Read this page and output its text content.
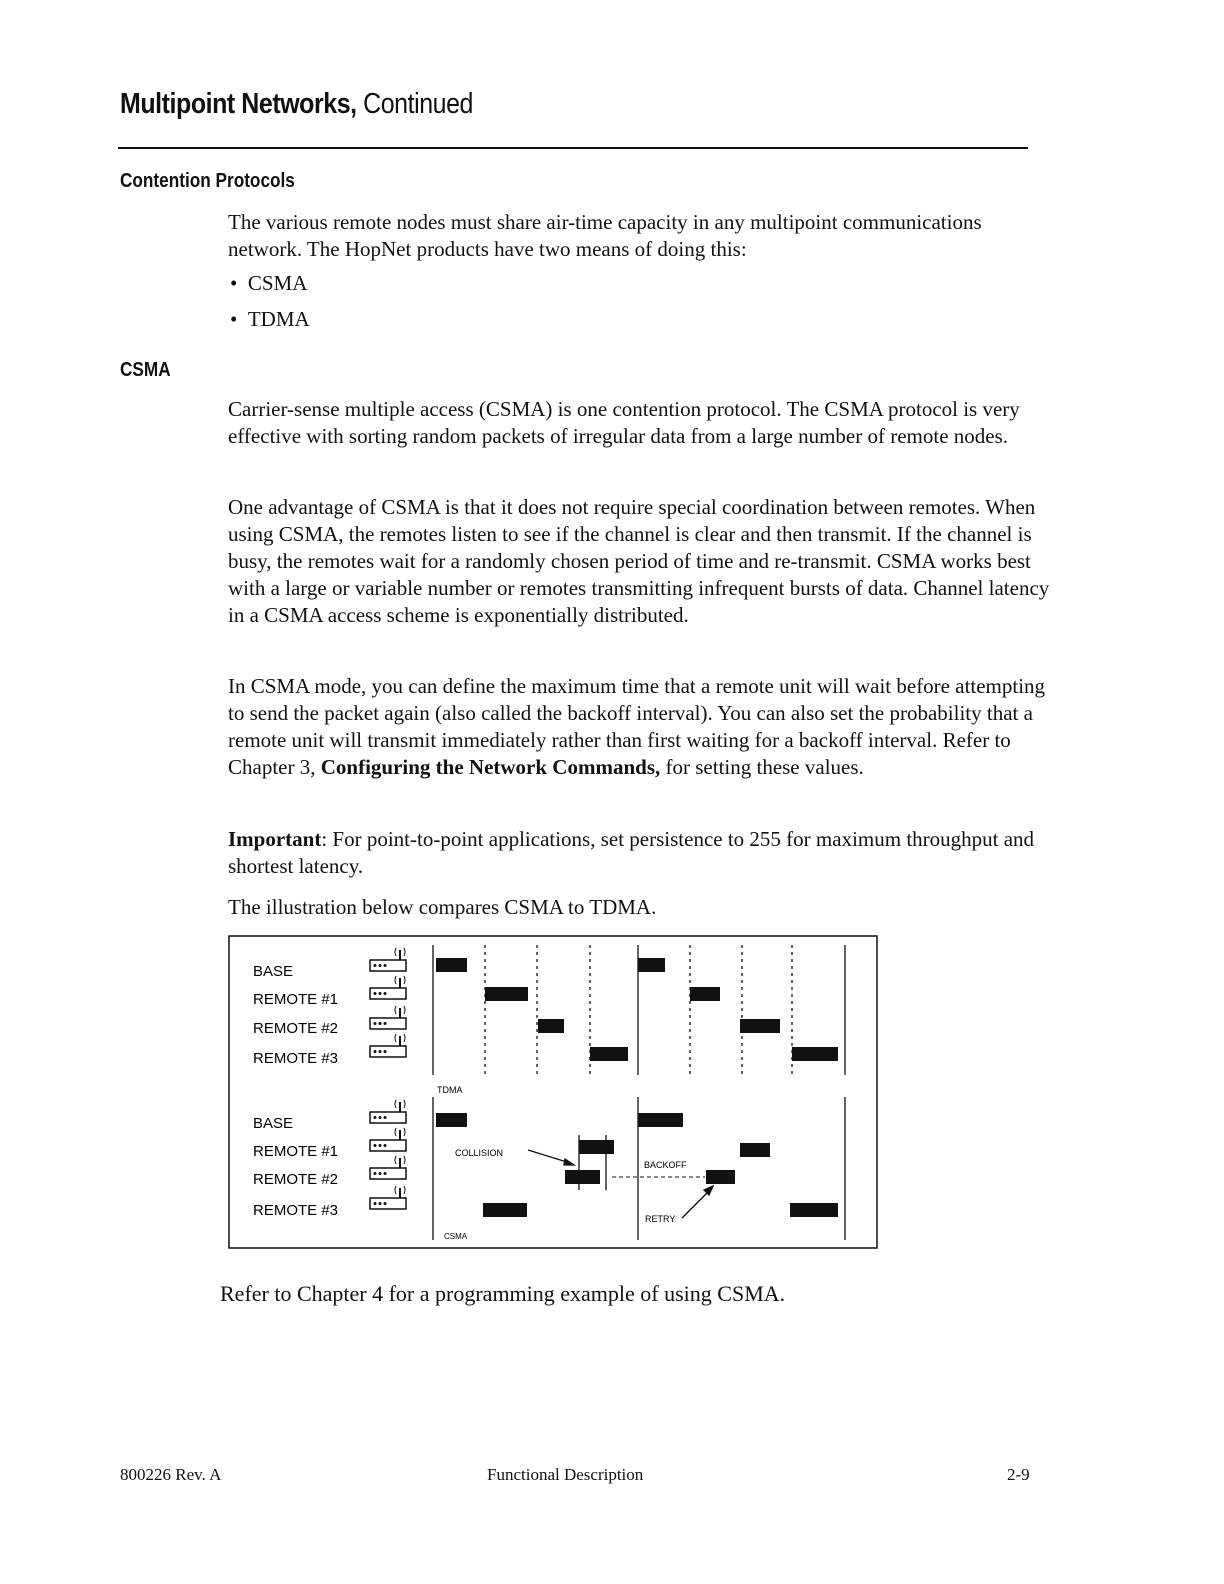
Multipoint Networks, Continued
Contention Protocols
The various remote nodes must share air-time capacity in any multipoint communications network. The HopNet products have two means of doing this:
•  CSMA
•  TDMA
CSMA
Carrier-sense multiple access (CSMA) is one contention protocol. The CSMA protocol is very effective with sorting random packets of irregular data from a large number of remote nodes.
One advantage of CSMA is that it does not require special coordination between remotes. When using CSMA, the remotes listen to see if the channel is clear and then transmit. If the channel is busy, the remotes wait for a randomly chosen period of time and re-transmit. CSMA works best with a large or variable number or remotes transmitting infrequent bursts of data. Channel latency in a CSMA access scheme is exponentially distributed.
In CSMA mode, you can define the maximum time that a remote unit will wait before attempting to send the packet again (also called the backoff interval). You can also set the probability that a remote unit will transmit immediately rather than first waiting for a backoff interval. Refer to Chapter 3, Configuring the Network Commands, for setting these values.
Important: For point-to-point applications, set persistence to 255 for maximum throughput and shortest latency.
The illustration below compares CSMA to TDMA.
BASE
REMOTE #1
REMOTE #2
REMOTE #3
BASE
REMOTE #1
REMOTE #2
REMOTE #3
TDMA
COLLISION
BACKOFF
RETRY
CSMA
Refer to Chapter 4 for a programming example of using CSMA.
800226 Rev. A	Functional Description	2-9
